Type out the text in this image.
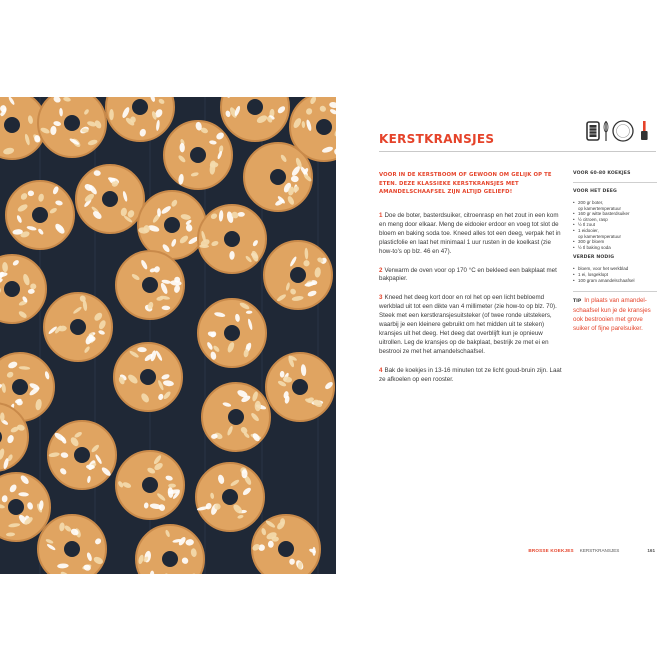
KERSTKRANSJES
VOOR IN DE KERSTBOOM OF GEWOON OM GELIJK OP TE ETEN. DEZE KLASSIEKE KERSTKRANSJES MET AMANDELSCHAAFSEL ZIJN ALTIJD GELIEFD!

1 Doe de boter, basterdsuiker, citroenrasp en het zout in een kom en meng door elkaar. Meng de eidooier erdoor en voeg tot slot de bloem en baking soda toe. Kneed alles tot een deeg, verpak het in plasticfolie en laat het minimaal 1 uur rusten in de koelkast (zie how-to's op blz. 46 en 47).

2 Verwarm de oven voor op 170 °C en bekleed een bakplaat met bakpapier.

3 Kneed het deeg kort door en rol het op een licht bebloemd werkblad uit tot een dikte van 4 millimeter (zie how-to op blz. 70). Steek met een kerstkransjesuitsteker (of twee ronde uitstekers, waarbij je een kleinere gebruikt om het midden uit te steken) kransjes uit het deeg. Het deeg dat overblijft kun je opnieuw uitrollen. Leg de kransjes op de bakplaat, bestrijk ze met ei en bestrooi ze met het amandelschaafsel.

4 Bak de koekjes in 13-16 minuten tot ze licht goud-bruin zijn. Laat ze afkoelen op een rooster.

VOOR 60-80 KOEKJES
VOOR HET DEEG
• 200 gr boter,
op kamertemperatuur
• 160 gr witte basterdsuiker
• ½ citroen, rasp
• ½ tl zout
• 1 eidooier,
op kamertemperatuur
• 300 gr bloem
• ½ tl baking soda
VERDER NODIG
• bloem, voor het werkblad
• 1 ei, losgeklopt
• 100 gram amandelschaafsel
TIP In plaats van amandel-schaafsel kun je de kransjes ook bestrooien met grove suiker of fijne parelsuiker.
BROSSE KOEKJES KERSTKRANSJES	161
